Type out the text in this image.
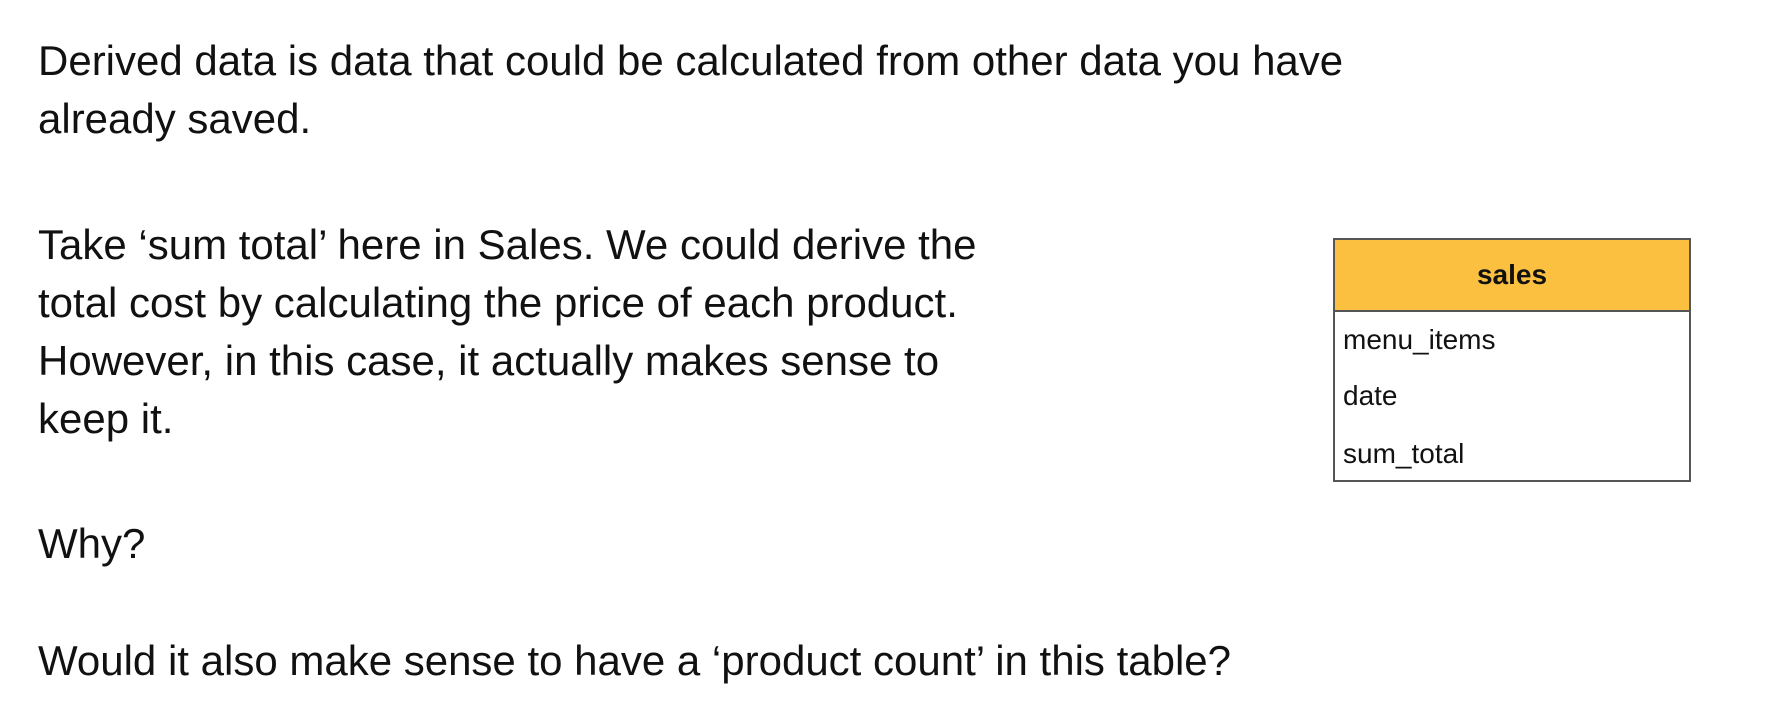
Derived data is data that could be calculated from other data you have
already saved.
Take ‘sum total’ here in Sales. We could derive the
total cost by calculating the price of each product.
However, in this case, it actually makes sense to
keep it.
Why?
Would it also make sense to have a ‘product count’ in this table?
sales
menu_items
date
sum_total
